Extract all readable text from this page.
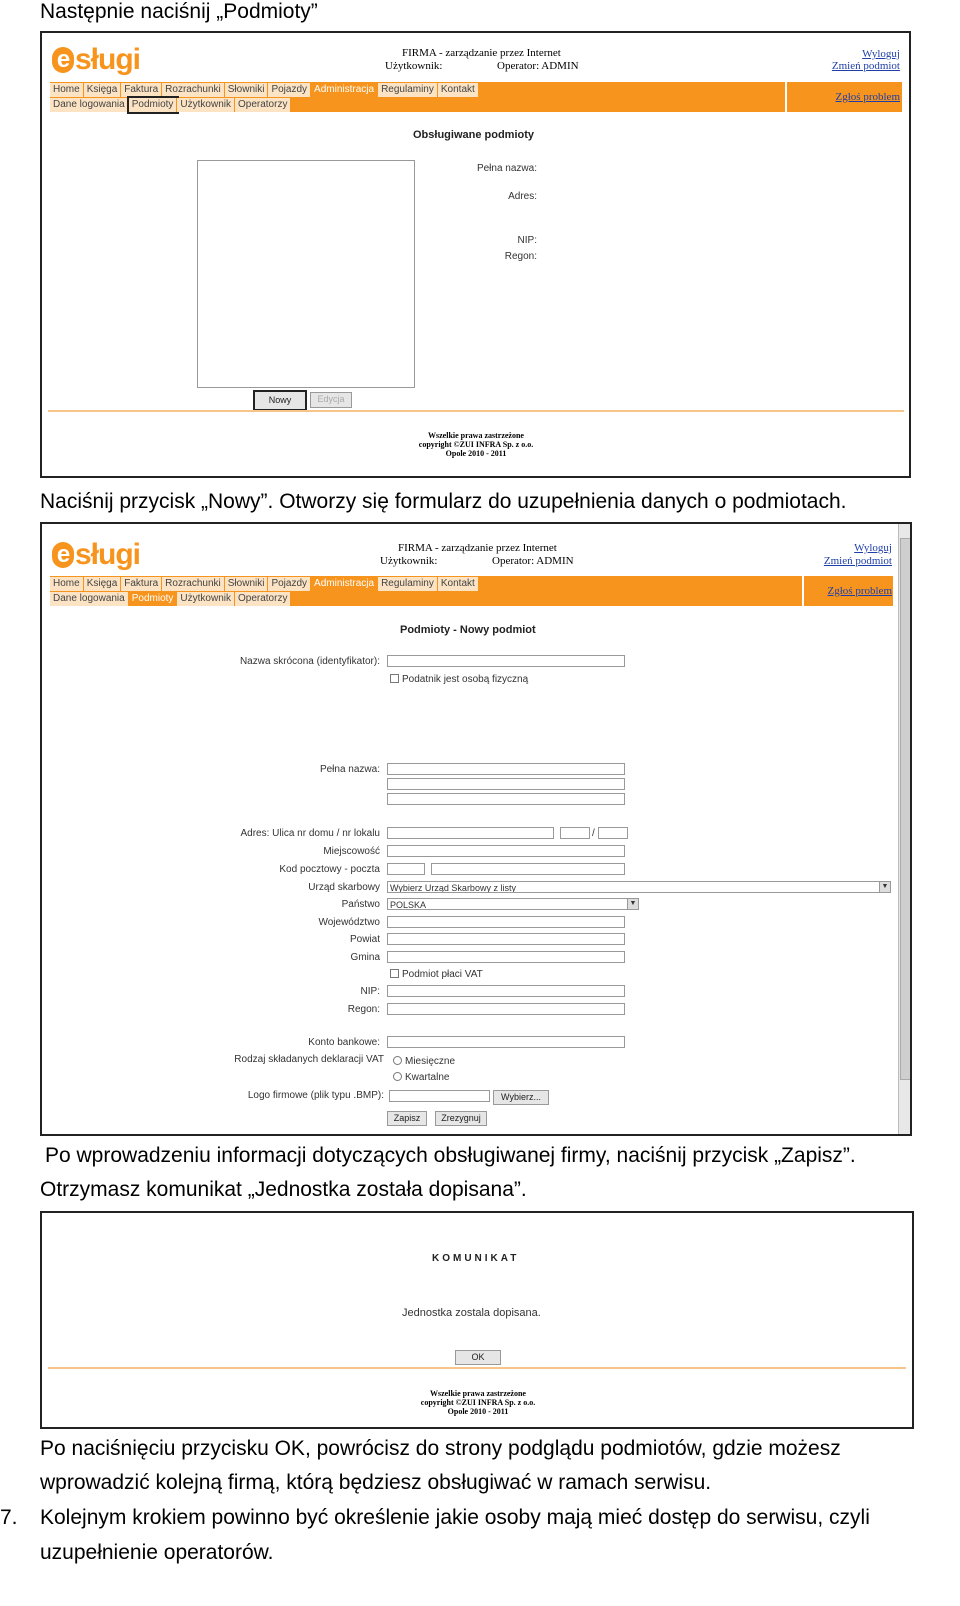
Następnie naciśnij „Podmioty”
e sługi	FIRMA - zarządzanie przez Internet
Użytkownik:	Operator: ADMIN
Wyloguj
Zmień podmiot
Zgłoś problem
Home Księga Faktura Rozrachunki Słowniki Pojazdy Administracja Regulaminy Kontakt
Dane logowania Podmioty Użytkownik Operatorzy
Obsługiwane podmioty
Pełna nazwa:
Adres:
NIP:
Regon:
Nowy	Edycja
Wszelkie prawa zastrzeżone
copyright ©ZUI INFRA Sp. z o.o.
Opole 2010 - 2011
Naciśnij przycisk „Nowy”. Otworzy się formularz do uzupełnienia danych o podmiotach.
e sługi	FIRMA - zarządzanie przez Internet
Użytkownik:	Operator: ADMIN
Wyloguj
Zmień podmiot
Zgłoś problem
Home Księga Faktura Rozrachunki Słowniki Pojazdy Administracja Regulaminy Kontakt
Dane logowania Podmioty Użytkownik Operatorzy
Podmioty - Nowy podmiot
Nazwa skrócona (identyfikator):
Podatnik jest osobą fizyczną
Pełna nazwa:
Adres: Ulica nr domu / nr lokalu	/
Miejscowość
Kod pocztowy - poczta
Urząd skarbowy	Wybierz Urząd Skarbowy z listy	▼
Państwo	POLSKA	▼
Województwo
Powiat
Gmina
Podmiot płaci VAT
NIP:
Regon:
Konto bankowe:
Rodzaj składanych deklaracji VAT	Miesięczne
Kwartalne
Logo firmowe (plik typu .BMP):	Wybierz...
Zapisz	Zrezygnuj
Po wprowadzeniu informacji dotyczących obsługiwanej firmy, naciśnij przycisk „Zapisz”.
Otrzymasz komunikat „Jednostka została dopisana”.
KOMUNIKAT
Jednostka zostala dopisana.
OK
Wszelkie prawa zastrzeżone
copyright ©ZUI INFRA Sp. z o.o.
Opole 2010 - 2011
Po naciśnięciu przycisku OK, powrócisz do strony podglądu podmiotów, gdzie możesz
wprowadzić kolejną firmą, którą będziesz obsługiwać w ramach serwisu.
7. Kolejnym krokiem powinno być określenie jakie osoby mają mieć dostęp do serwisu, czyli
uzupełnienie operatorów.
